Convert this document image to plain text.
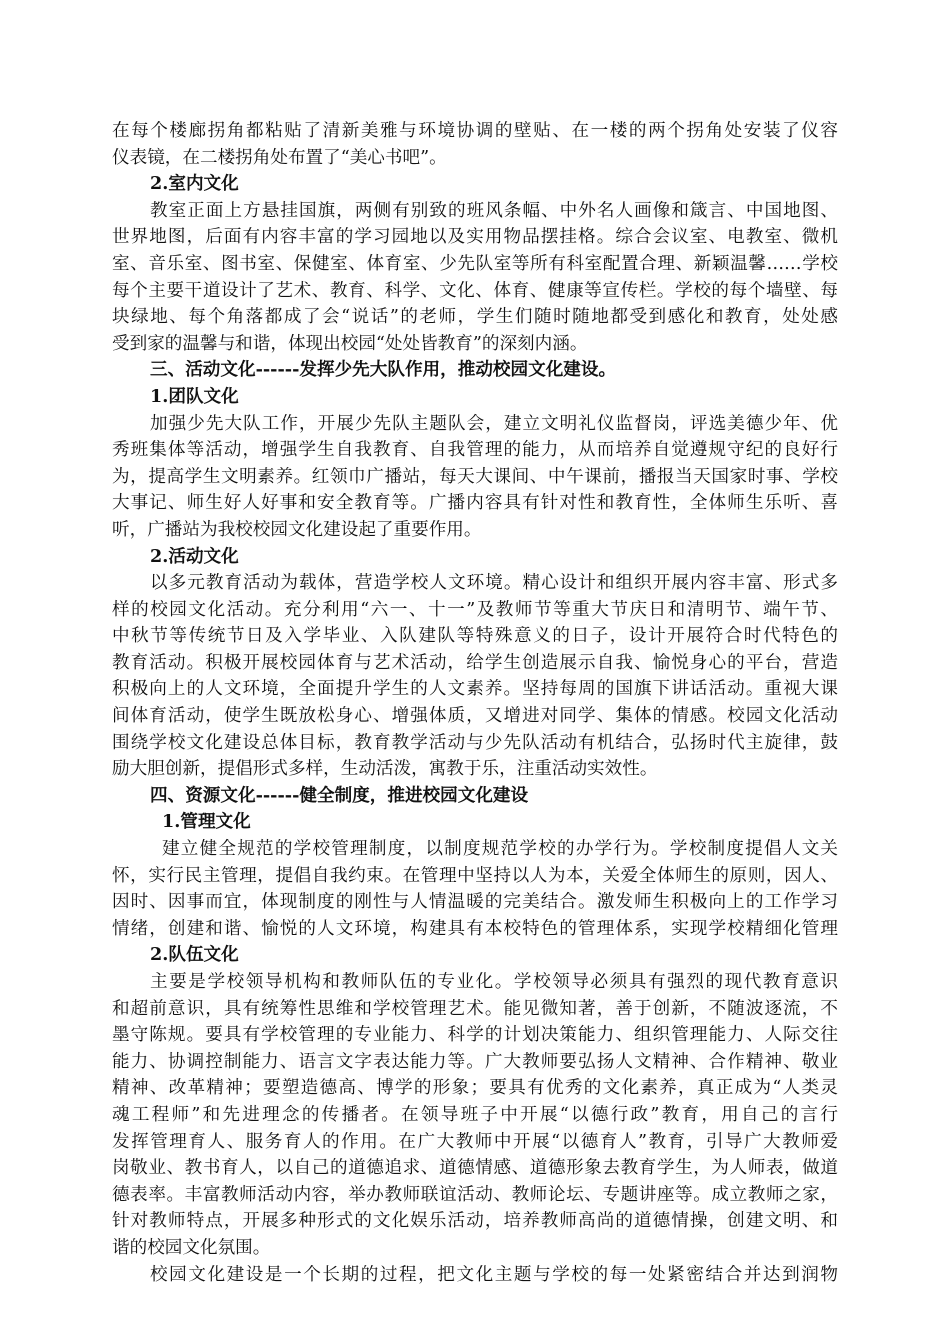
在每个楼廊拐角都粘贴了清新美雅与环境协调的壁贴、在一楼的两个拐角处安装了仪容
仪表镜，在二楼拐角处布置了“美心书吧”。
2.室内文化
教室正面上方悬挂国旗，两侧有别致的班风条幅、中外名人画像和箴言、中国地图、
世界地图，后面有内容丰富的学习园地以及实用物品摆挂格。综合会议室、电教室、微机
室、音乐室、图书室、保健室、体育室、少先队室等所有科室配置合理、新颖温馨……学校
每个主要干道设计了艺术、教育、科学、文化、体育、健康等宣传栏。学校的每个墙壁、每
块绿地、每个角落都成了会“说话”的老师，学生们随时随地都受到感化和教育，处处感
受到家的温馨与和谐，体现出校园“处处皆教育”的深刻内涵。
三、活动文化------发挥少先大队作用，推动校园文化建设。
1.团队文化
加强少先大队工作，开展少先队主题队会，建立文明礼仪监督岗，评选美德少年、优
秀班集体等活动，增强学生自我教育、自我管理的能力，从而培养自觉遵规守纪的良好行
为，提高学生文明素养。红领巾广播站，每天大课间、中午课前，播报当天国家时事、学校
大事记、师生好人好事和安全教育等。广播内容具有针对性和教育性，全体师生乐听、喜
听，广播站为我校校园文化建设起了重要作用。
2.活动文化
以多元教育活动为载体，营造学校人文环境。精心设计和组织开展内容丰富、形式多
样的校园文化活动。充分利用“六一、十一”及教师节等重大节庆日和清明节、端午节、
中秋节等传统节日及入学毕业、入队建队等特殊意义的日子，设计开展符合时代特色的
教育活动。积极开展校园体育与艺术活动，给学生创造展示自我、愉悦身心的平台，营造
积极向上的人文环境，全面提升学生的人文素养。坚持每周的国旗下讲话活动。重视大课
间体育活动，使学生既放松身心、增强体质，又增进对同学、集体的情感。校园文化活动
围绕学校文化建设总体目标，教育教学活动与少先队活动有机结合，弘扬时代主旋律，鼓
励大胆创新，提倡形式多样，生动活泼，寓教于乐，注重活动实效性。
四、资源文化------健全制度，推进校园文化建设
1.管理文化
建立健全规范的学校管理制度，以制度规范学校的办学行为。学校制度提倡人文关
怀，实行民主管理，提倡自我约束。在管理中坚持以人为本，关爱全体师生的原则，因人、
因时、因事而宜，体现制度的刚性与人情温暖的完美结合。激发师生积极向上的工作学习
情绪，创建和谐、愉悦的人文环境，构建具有本校特色的管理体系，实现学校精细化管理
2.队伍文化
主要是学校领导机构和教师队伍的专业化。学校领导必须具有强烈的现代教育意识
和超前意识，具有统筹性思维和学校管理艺术。能见微知著，善于创新，不随波逐流，不
墨守陈规。要具有学校管理的专业能力、科学的计划决策能力、组织管理能力、人际交往
能力、协调控制能力、语言文字表达能力等。广大教师要弘扬人文精神、合作精神、敬业
精神、改革精神；要塑造德高、博学的形象；要具有优秀的文化素养，真正成为“人类灵
魂工程师”和先进理念的传播者。在领导班子中开展“以德行政”教育，用自己的言行
发挥管理育人、服务育人的作用。在广大教师中开展“以德育人”教育，引导广大教师爱
岗敬业、教书育人，以自己的道德追求、道德情感、道德形象去教育学生，为人师表，做道
德表率。丰富教师活动内容，举办教师联谊活动、教师论坛、专题讲座等。成立教师之家，
针对教师特点，开展多种形式的文化娱乐活动，培养教师高尚的道德情操，创建文明、和
谐的校园文化氛围。
校园文化建设是一个长期的过程，把文化主题与学校的每一处紧密结合并达到润物
